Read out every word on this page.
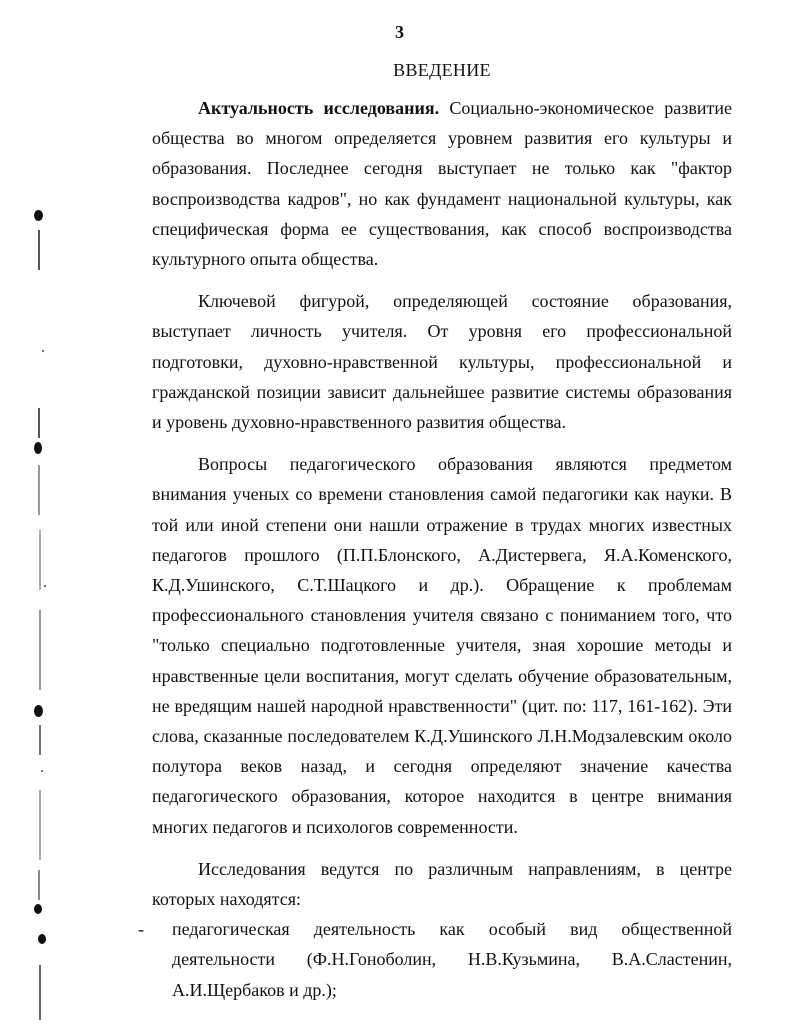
3
ВВЕДЕНИЕ

Актуальность исследования. Социально-экономическое развитие общества во многом определяется уровнем развития его культуры и образования. Последнее сегодня выступает не только как "фактор воспроизводства кадров", но как фундамент национальной культуры, как специфическая форма ее существования, как способ воспроизводства культурного опыта общества.

Ключевой фигурой, определяющей состояние образования, выступает личность учителя. От уровня его профессиональной подготовки, духовно-нравственной культуры, профессиональной и гражданской позиции зависит дальнейшее развитие системы образования и уровень духовно-нравственного развития общества.

Вопросы педагогического образования являются предметом внимания ученых со времени становления самой педагогики как науки. В той или иной степени они нашли отражение в трудах многих известных педагогов прошлого (П.П.Блонского, А.Дистервега, Я.А.Коменского, К.Д.Ушинского, С.Т.Шацкого и др.). Обращение к проблемам профессионального становления учителя связано с пониманием того, что "только специально подготовленные учителя, зная хорошие методы и нравственные цели воспитания, могут сделать обучение образовательным, не вредящим нашей народной нравственности" (цит. по: 117, 161-162). Эти слова, сказанные последователем К.Д.Ушинского Л.Н.Модзалевским около полутора веков назад, и сегодня определяют значение качества педагогического образования, которое находится в центре внимания многих педагогов и психологов современности.

Исследования ведутся по различным направлениям, в центре которых находятся:

- педагогическая деятельность как особый вид общественной деятельности (Ф.Н.Гоноболин, Н.В.Кузьмина, В.А.Сластенин, А.И.Щербаков и др.);
